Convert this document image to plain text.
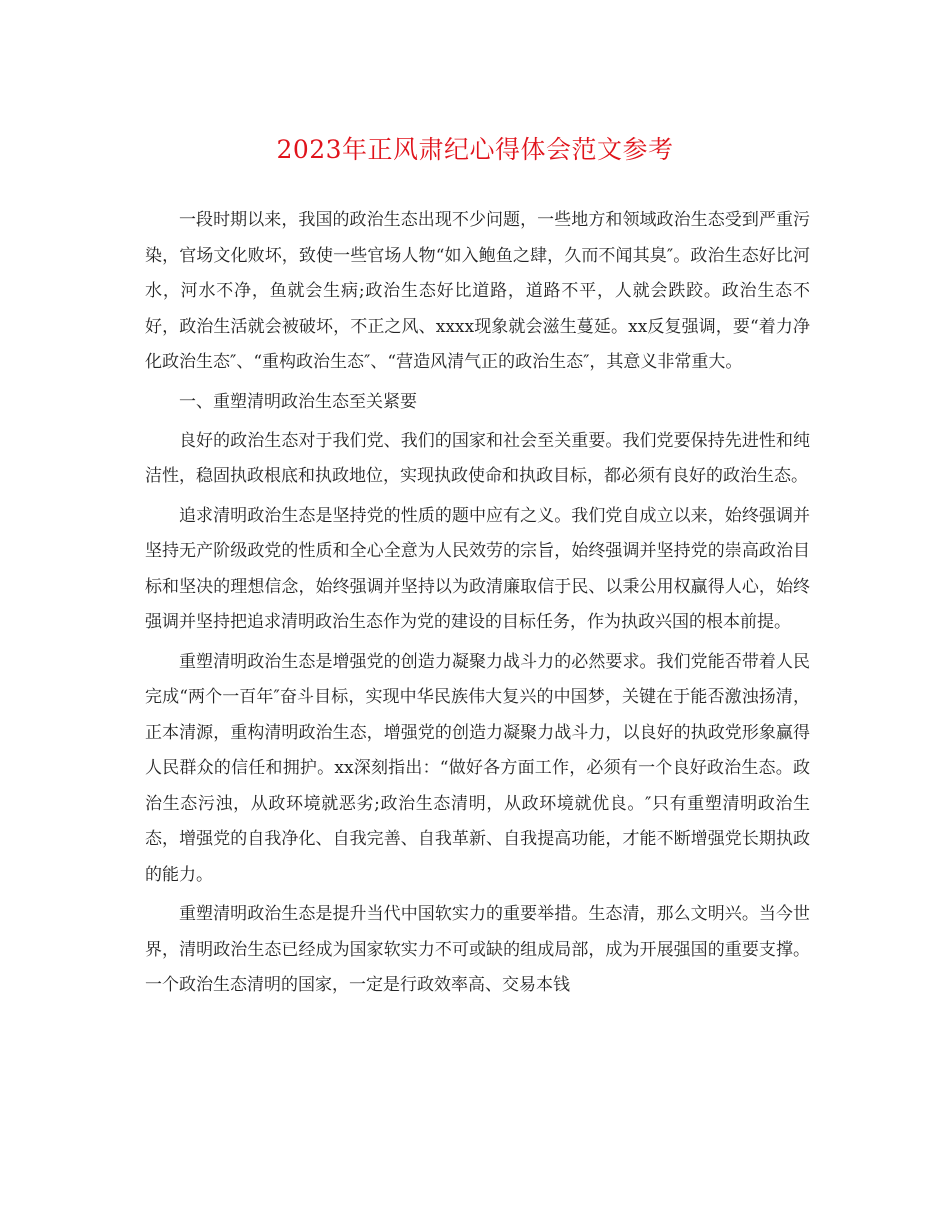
2023年正风肃纪心得体会范文参考

一段时期以来，我国的政治生态出现不少问题，一些地方和领域政治生态受到严重污染，官场文化败坏，致使一些官场人物“如入鲍鱼之肆，久而不闻其臭″。政治生态好比河水，河水不净，鱼就会生病;政治生态好比道路，道路不平，人就会跌跤。政治生态不好，政治生活就会被破坏，不正之风、xxxx现象就会滋生蔓延。xx反复强调，要“着力净化政治生态″、“重构政治生态″、“营造风清气正的政治生态″，其意义非常重大。

一、重塑清明政治生态至关紧要

良好的政治生态对于我们党、我们的国家和社会至关重要。我们党要保持先进性和纯洁性，稳固执政根底和执政地位，实现执政使命和执政目标，都必须有良好的政治生态。

追求清明政治生态是坚持党的性质的题中应有之义。我们党自成立以来，始终强调并坚持无产阶级政党的性质和全心全意为人民效劳的宗旨，始终强调并坚持党的崇高政治目标和坚决的理想信念，始终强调并坚持以为政清廉取信于民、以秉公用权赢得人心，始终强调并坚持把追求清明政治生态作为党的建设的目标任务，作为执政兴国的根本前提。

重塑清明政治生态是增强党的创造力凝聚力战斗力的必然要求。我们党能否带着人民完成“两个一百年″奋斗目标，实现中华民族伟大复兴的中国梦，关键在于能否激浊扬清，正本清源，重构清明政治生态，增强党的创造力凝聚力战斗力，以良好的执政党形象赢得人民群众的信任和拥护。xx深刻指出：“做好各方面工作，必须有一个良好政治生态。政治生态污浊，从政环境就恶劣;政治生态清明，从政环境就优良。″只有重塑清明政治生态，增强党的自我净化、自我完善、自我革新、自我提高功能，才能不断增强党长期执政的能力。

重塑清明政治生态是提升当代中国软实力的重要举措。生态清，那么文明兴。当今世界，清明政治生态已经成为国家软实力不可或缺的组成局部，成为开展强国的重要支撑。一个政治生态清明的国家，一定是行政效率高、交易本钱
